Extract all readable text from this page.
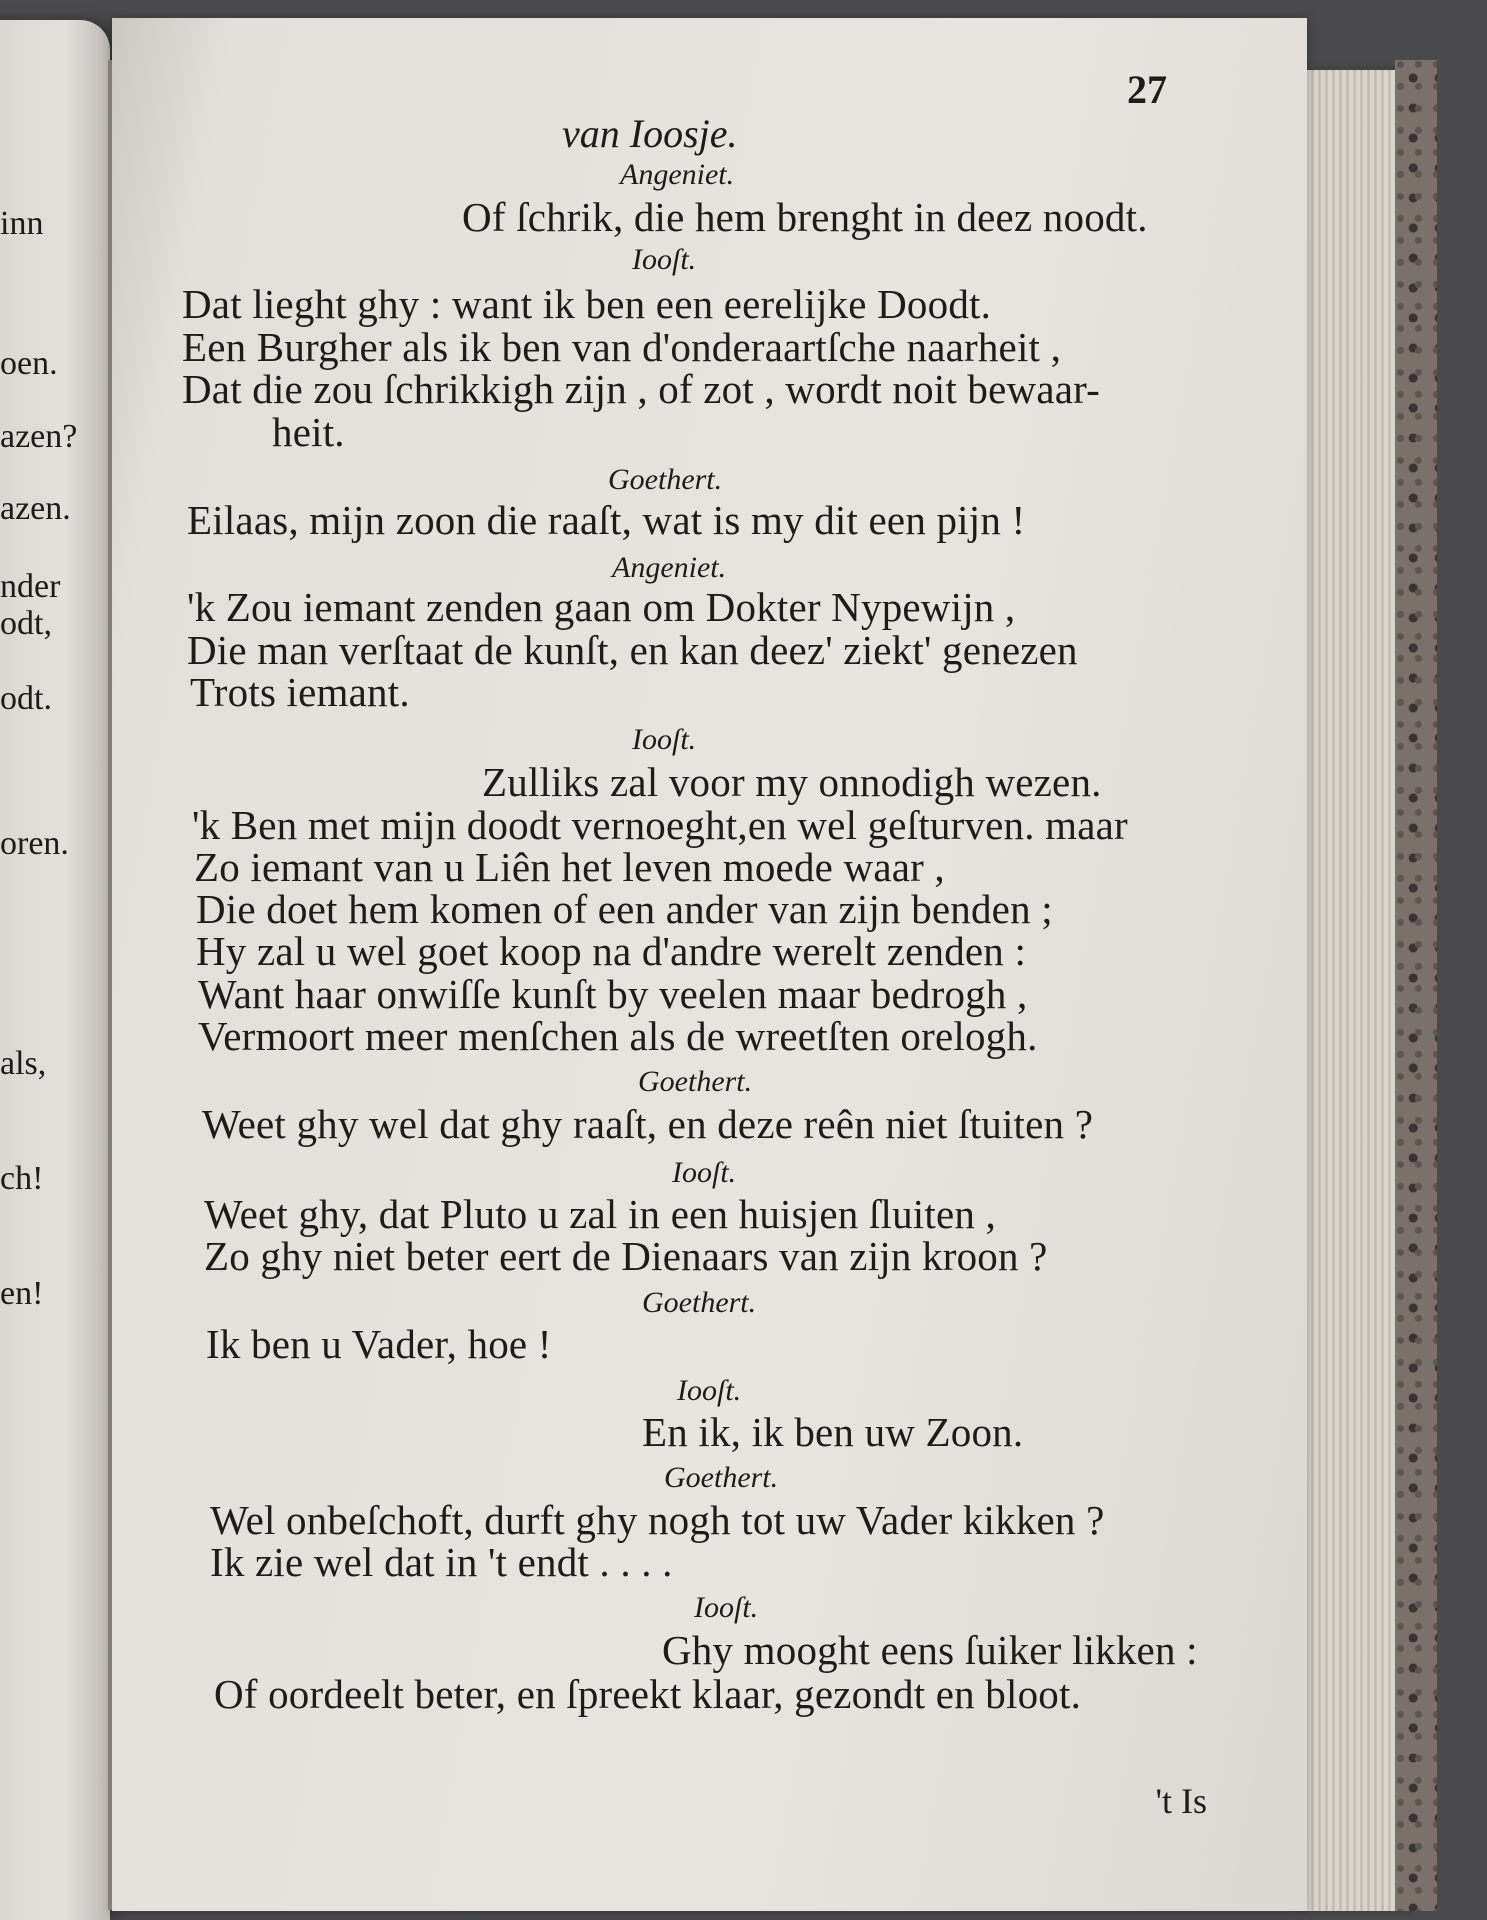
inn
oen.
azen?
azen.
nder
odt,
odt.
oren.
als,
ch!
en!
27
van Ioosje.
Angeniet.
Of ſchrik, die hem brenght in deez noodt.
Iooſt.
Dat lieght ghy : want ik ben een eerelijke Doodt.
Een Burgher als ik ben van d'onderaartſche naarheit ,
Dat die zou ſchrikkigh zijn , of zot , wordt noit bewaar-
heit.
Goethert.
Eilaas, mijn zoon die raaſt, wat is my dit een pijn !
Angeniet.
'k Zou iemant zenden gaan om Dokter Nypewijn ,
Die man verſtaat de kunſt, en kan deez' ziekt' genezen
Trots iemant.
Iooſt.
Zulliks zal voor my onnodigh wezen.
'k Ben met mijn doodt vernoeght,en wel geſturven. maar
Zo iemant van u Liên het leven moede waar ,
Die doet hem komen of een ander van zijn benden ;
Hy zal u wel goet koop na d'andre werelt zenden :
Want haar onwiſſe kunſt by veelen maar bedrogh ,
Vermoort meer menſchen als de wreetſten orelogh.
Goethert.
Weet ghy wel dat ghy raaſt, en deze reên niet ſtuiten ?
Iooſt.
Weet ghy, dat Pluto u zal in een huisjen ſluiten ,
Zo ghy niet beter eert de Dienaars van zijn kroon ?
Goethert.
Ik ben u Vader, hoe !
Iooſt.
En ik, ik ben uw Zoon.
Goethert.
Wel onbeſchoft, durft ghy nogh tot uw Vader kikken ?
Ik zie wel dat in 't endt . . . .
Iooſt.
Ghy mooght eens ſuiker likken :
Of oordeelt beter, en ſpreekt klaar, gezondt en bloot.
't Is
